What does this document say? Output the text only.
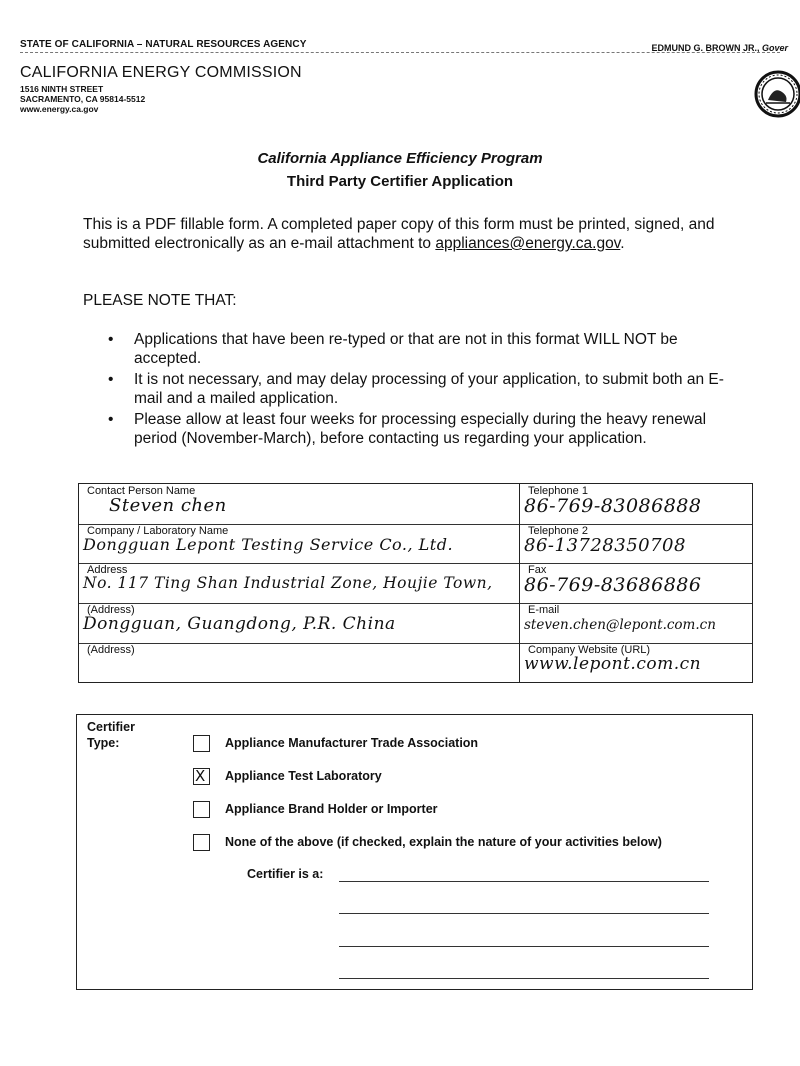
STATE OF CALIFORNIA – NATURAL RESOURCES AGENCY	EDMUND G. BROWN JR., Gover
CALIFORNIA ENERGY COMMISSION
1516 NINTH STREET
SACRAMENTO, CA 95814-5512
www.energy.ca.gov
California Appliance Efficiency Program
Third Party Certifier Application
This is a PDF fillable form. A completed paper copy of this form must be printed, signed, and submitted electronically as an e-mail attachment to appliances@energy.ca.gov.
PLEASE NOTE THAT:
• Applications that have been re-typed or that are not in this format WILL NOT be accepted.
• It is not necessary, and may delay processing of your application, to submit both an E-mail and a mailed application.
• Please allow at least four weeks for processing especially during the heavy renewal period (November-March), before contacting us regarding your application.
Contact Person Name
Steven chen
Company / Laboratory Name
Dongguan Lepont Testing Service Co., Ltd.
Address
No. 117 Ting Shan Industrial Zone, Houjie Town,
(Address)
Dongguan, Guangdong, P.R. China
(Address)
Telephone 1
86-769-83086888
Telephone 2
86-13728350708
Fax
86-769-83686886
E-mail
steven.chen@lepont.com.cn
Company Website (URL)
www.lepont.com.cn
Certifier
Type:	Appliance Manufacturer Trade Association
X Appliance Test Laboratory
Appliance Brand Holder or Importer
None of the above (if checked, explain the nature of your activities below)
Certifier is a:
